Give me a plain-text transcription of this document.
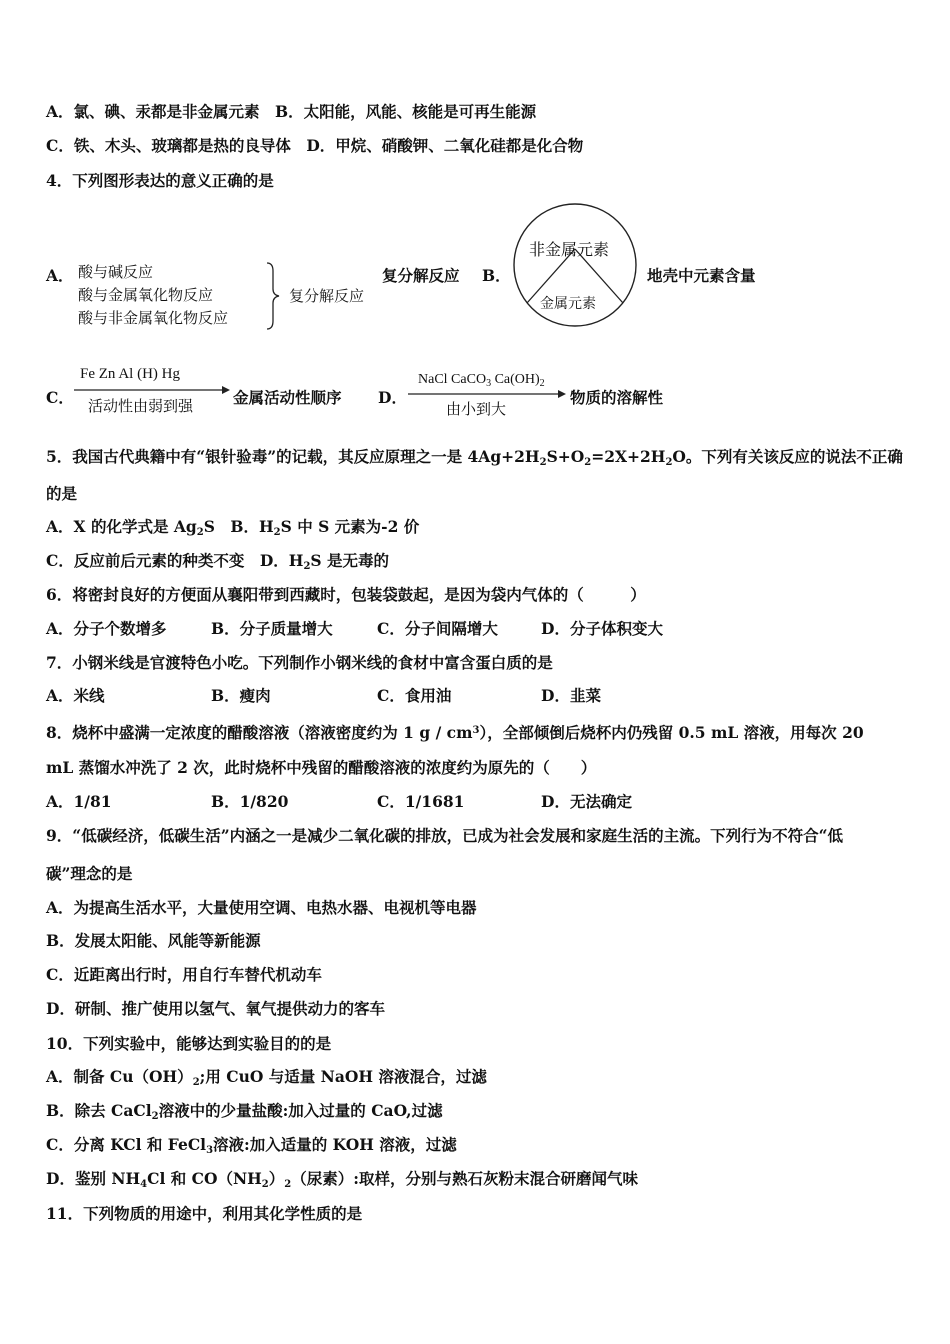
A．氯、碘、汞都是非金属元素　B．太阳能，风能、核能是可再生能源
C．铁、木头、玻璃都是热的良导体　D．甲烷、硝酸钾、二氧化硅都是化合物
4．下列图形表达的意义正确的是
A． 酸与碱反应
酸与金属氧化物反应
酸与非金属氧化物反应
复分解反应
复分解反应 B．
非金属元素
金属元素
地壳中元素含量
C．
Fe Zn Al (H) Hg
活动性由弱到强	金属活动性顺序 D．
NaCl CaCO$_3$ $Ca(OH)_2$
由小到大
物质的溶解性
5．我国古代典籍中有“银针验毒”的记载，其反应原理之一是 $4Ag+2H_2S+O_2=2X+2H_2O$。下列有关该反应的说法不正确
的是
A．X 的化学式是 $Ag_2S$　B．$H_2S$ 中 S 元素为-2 价
C．反应前后元素的种类不变　D．$H_2S$ 是无毒的
6．将密封良好的方便面从襄阳带到西藏时，包装袋鼓起，是因为袋内气体的（　　　）
A．分子个数增多	B．分子质量增大	C．分子间隔增大	D．分子体积变大
7．小钢米线是官渡特色小吃。下列制作小钢米线的食材中富含蛋白质的是
A．米线	B．瘦肉	C．食用油	D．韭菜
8．烧杯中盛满一定浓度的醋酸溶液（溶液密度约为 1 g / $cm^3$），全部倾倒后烧杯内仍残留 0.5 mL 溶液，用每次 20
mL 蒸馏水冲洗了 2 次，此时烧杯中残留的醋酸溶液的浓度约为原先的（　　）
A．1/81	B．1/820	C．1/1681	D．无法确定
9．“低碳经济，低碳生活”内涵之一是减少二氧化碳的排放，已成为社会发展和家庭生活的主流。下列行为不符合“低
碳”理念的是
A．为提高生活水平，大量使用空调、电热水器、电视机等电器
B．发展太阳能、风能等新能源
C．近距离出行时，用自行车替代机动车
D．研制、推广使用以氢气、氧气提供动力的客车
10．下列实验中，能够达到实验目的的是
A．制备 $Cu(OH)_2$;用 CuO 与适量 NaOH 溶液混合，过滤
B．除去 CaCl$_2$溶液中的少量盐酸:加入过量的 CaO,过滤
C．分离 KCl 和 FeCl$_3$溶液:加入适量的 KOH 溶液，过滤
D．鉴别 $NH_4Cl$ 和 $CO(NH_2)_2$（尿素）:取样，分别与熟石灰粉末混合研磨闻气味
11．下列物质的用途中，利用其化学性质的是
